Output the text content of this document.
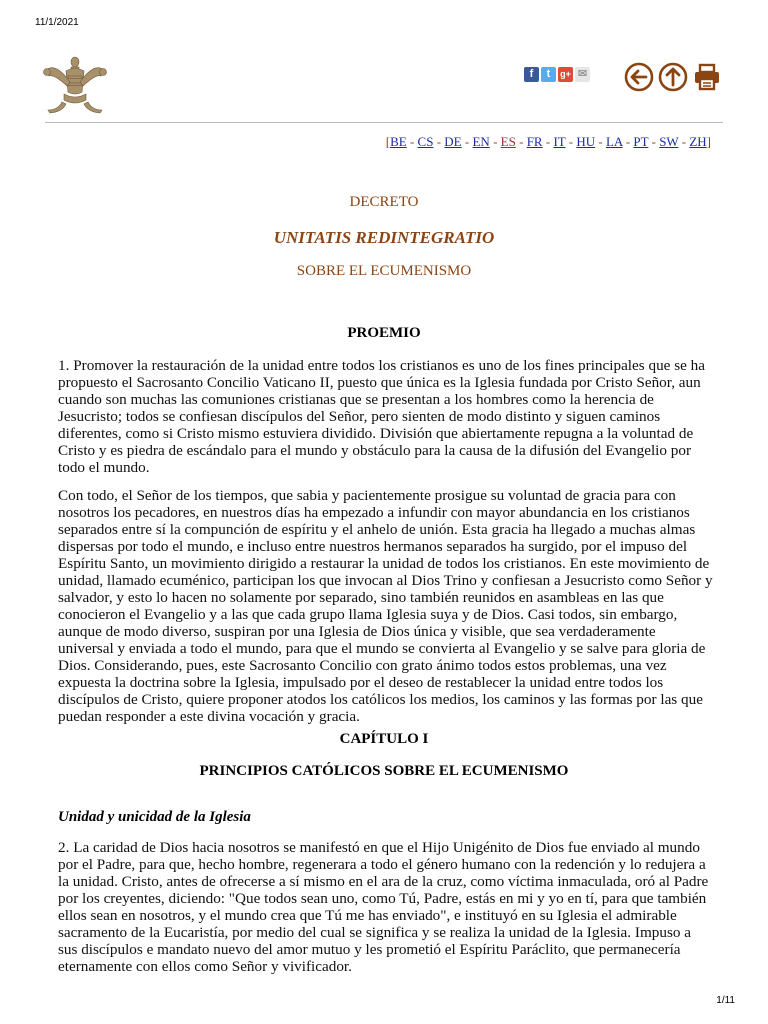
11/1/2021
f	t	g+ ✉
[BE - CS - DE - EN - ES - FR - IT - HU - LA - PT - SW - ZH]
DECRETO
UNITATIS REDINTEGRATIO
SOBRE EL ECUMENISMO
PROEMIO

1. Promover la restauración de la unidad entre todos los cristianos es uno de los fines principales que se ha propuesto el Sacrosanto Concilio Vaticano II, puesto que única es la Iglesia fundada por Cristo Señor, aun cuando son muchas las comuniones cristianas que se presentan a los hombres como la herencia de Jesucristo; todos se confiesan discípulos del Señor, pero sienten de modo distinto y siguen caminos diferentes, como si Cristo mismo estuviera dividido. División que abiertamente repugna a la voluntad de Cristo y es piedra de escándalo para el mundo y obstáculo para la causa de la difusión del Evangelio por todo el mundo.

Con todo, el Señor de los tiempos, que sabia y pacientemente prosigue su voluntad de gracia para con nosotros los pecadores, en nuestros días ha empezado a infundir con mayor abundancia en los cristianos separados entre sí la compunción de espíritu y el anhelo de unión. Esta gracia ha llegado a muchas almas dispersas por todo el mundo, e incluso entre nuestros hermanos separados ha surgido, por el impuso del Espíritu Santo, un movimiento dirigido a restaurar la unidad de todos los cristianos. En este movimiento de unidad, llamado ecuménico, participan los que invocan al Dios Trino y confiesan a Jesucristo como Señor y salvador, y esto lo hacen no solamente por separado, sino también reunidos en asambleas en las que conocieron el Evangelio y a las que cada grupo llama Iglesia suya y de Dios. Casi todos, sin embargo, aunque de modo diverso, suspiran por una Iglesia de Dios única y visible, que sea verdaderamente universal y enviada a todo el mundo, para que el mundo se convierta al Evangelio y se salve para gloria de Dios. Considerando, pues, este Sacrosanto Concilio con grato ánimo todos estos problemas, una vez expuesta la doctrina sobre la Iglesia, impulsado por el deseo de restablecer la unidad entre todos los discípulos de Cristo, quiere proponer atodos los católicos los medios, los caminos y las formas por las que puedan responder a este divina vocación y gracia.

CAPÍTULO I
PRINCIPIOS CATÓLICOS SOBRE EL ECUMENISMO
Unidad y unicidad de la Iglesia

2. La caridad de Dios hacia nosotros se manifestó en que el Hijo Unigénito de Dios fue enviado al mundo por el Padre, para que, hecho hombre, regenerara a todo el género humano con la redención y lo redujera a la unidad. Cristo, antes de ofrecerse a sí mismo en el ara de la cruz, como víctima inmaculada, oró al Padre por los creyentes, diciendo: "Que todos sean uno, como Tú, Padre, estás en mi y yo en tí, para que también ellos sean en nosotros, y el mundo crea que Tú me has enviado", e instituyó en su Iglesia el admirable sacramento de la Eucaristía, por medio del cual se significa y se realiza la unidad de la Iglesia. Impuso a sus discípulos e mandato nuevo del amor mutuo y les prometió el Espíritu Paráclito, que permanecería eternamente con ellos como Señor y vivificador.

1/11
